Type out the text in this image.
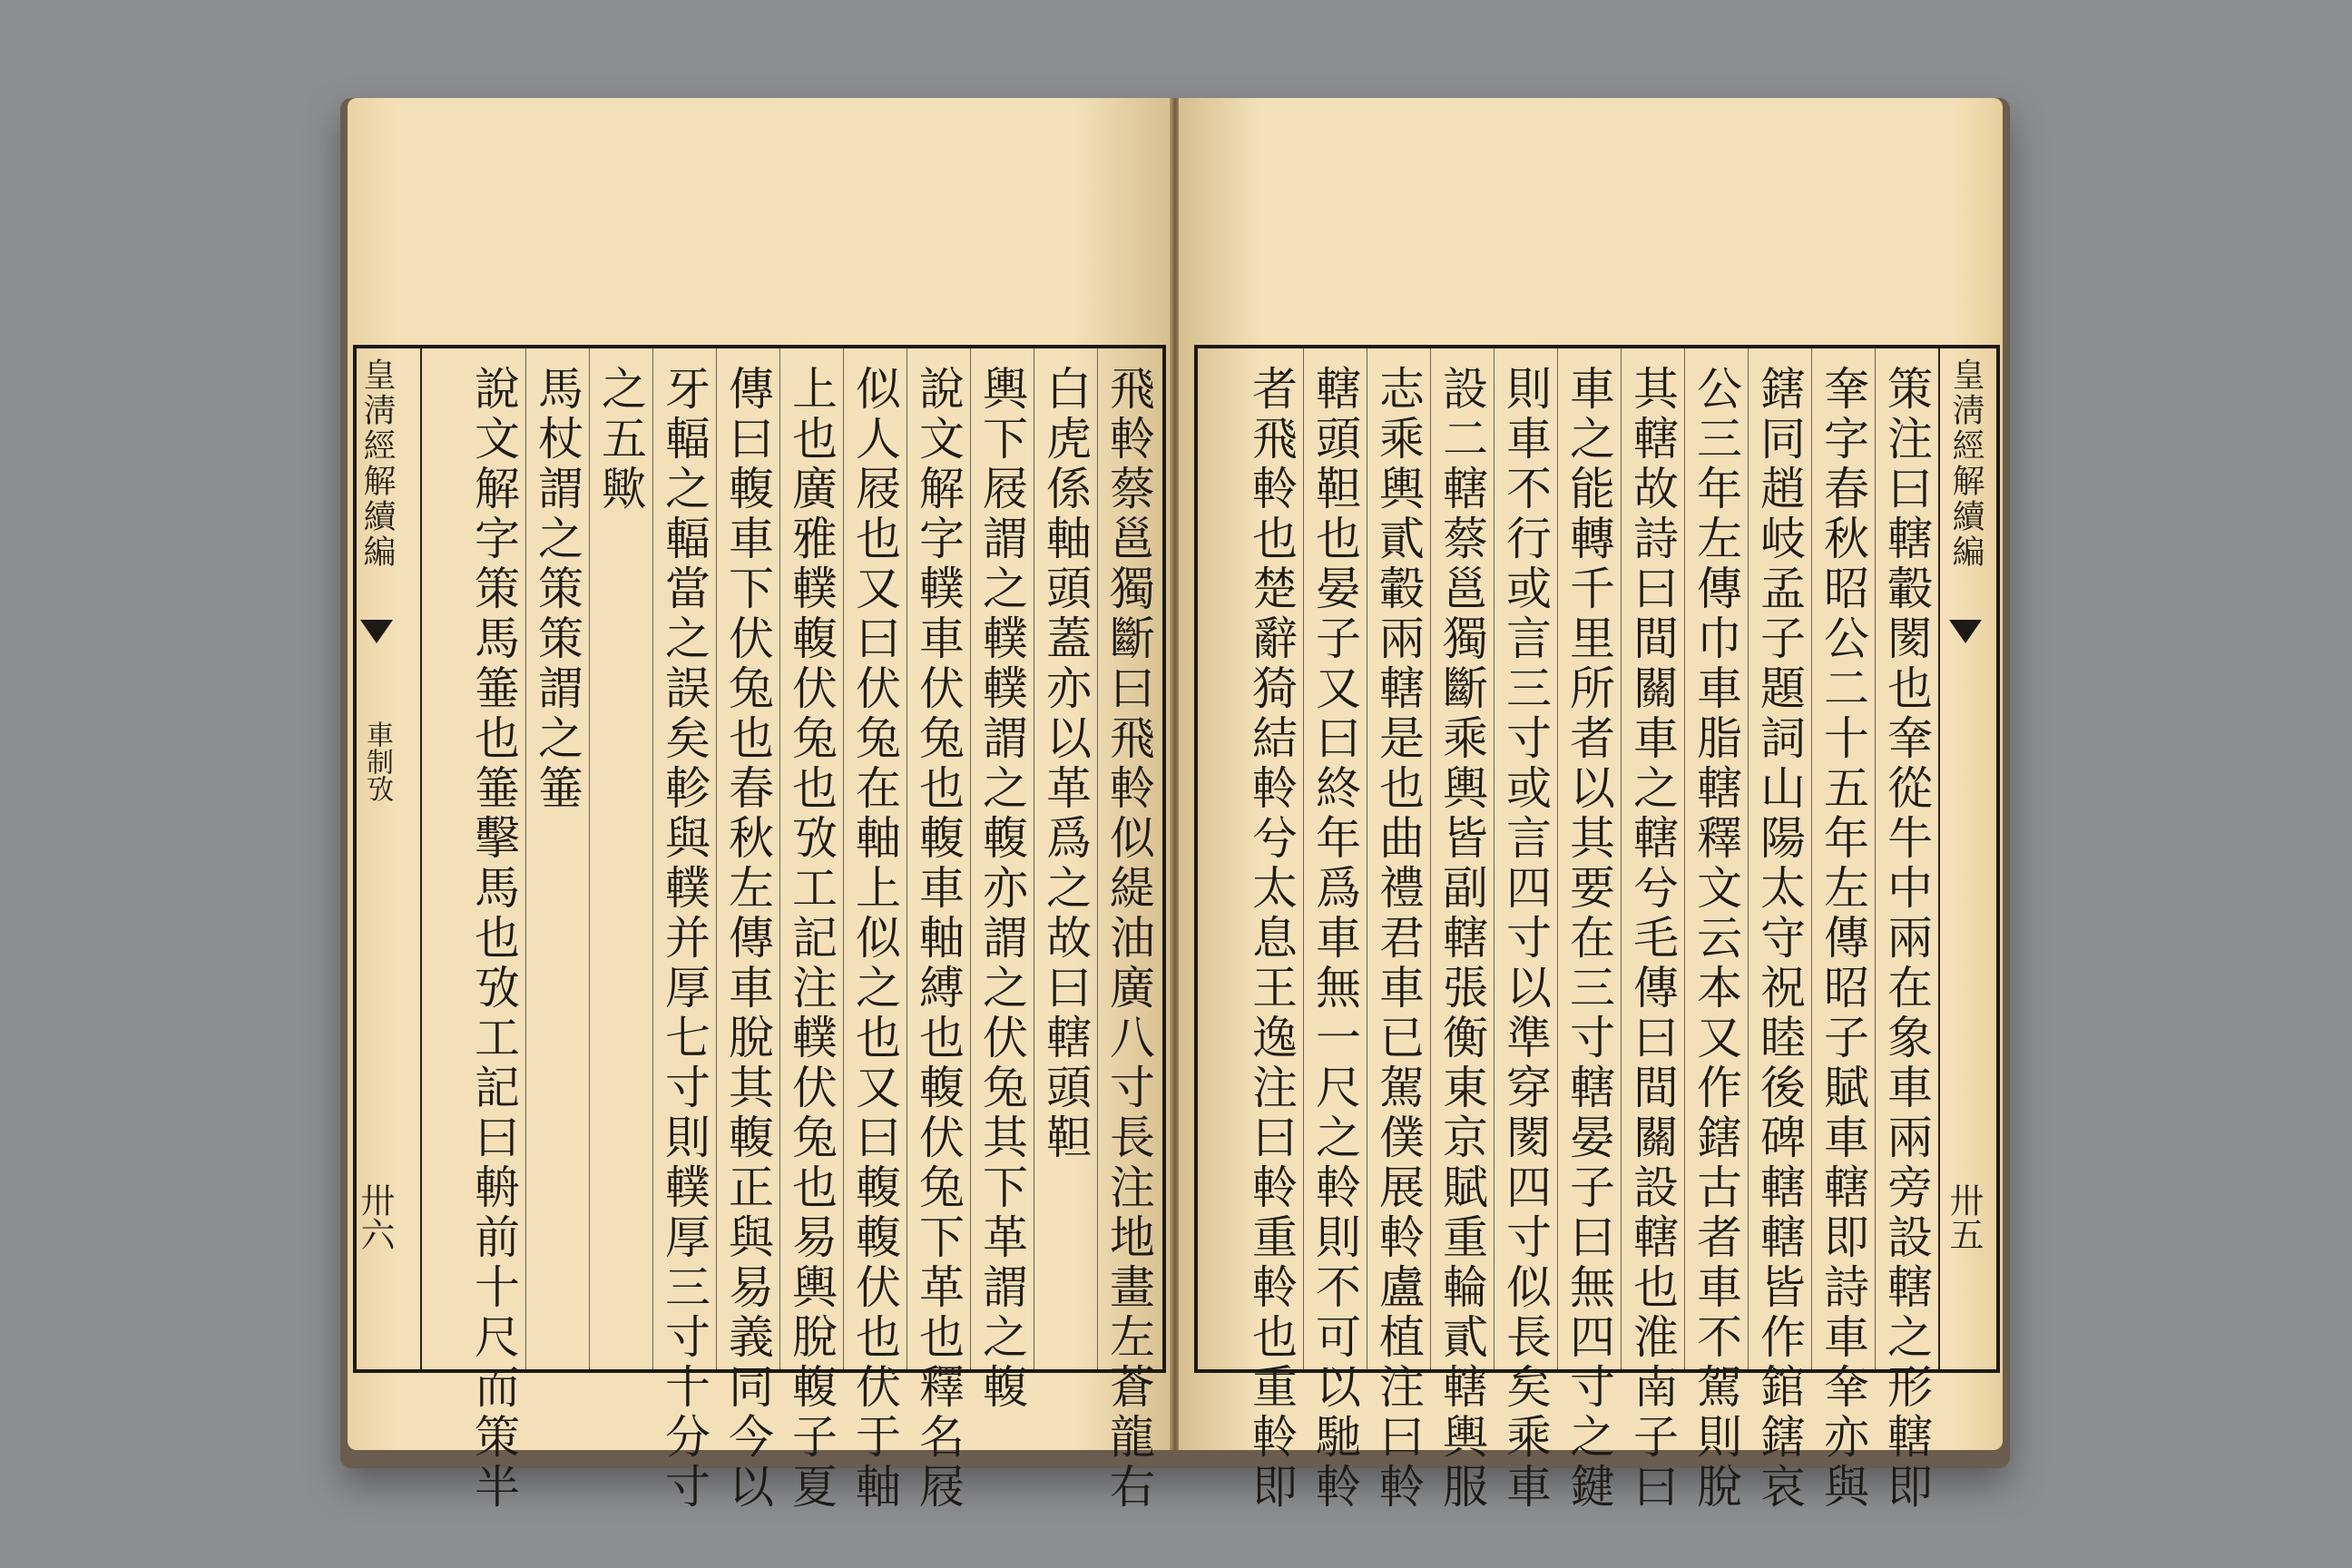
飛軨蔡邕獨斷曰飛軨似緹油廣八寸長注地畫左蒼龍右
白虎係軸頭蓋亦以革爲之故曰轄頭靼
輿下屐謂之轐轐謂之輹亦謂之伏兔其下革謂之輹
說文解字轐車伏兔也輹車軸縛也輹伏兔下革也釋名屐
似人屐也又曰伏兔在軸上似之也又曰輹輹伏也伏于軸
上也廣雅轐輹伏兔也攷工記注轐伏兔也易輿脫輹子夏
傳曰輹車下伏兔也春秋左傳車脫其輹正與易義同今以
牙輻之輻當之誤矣軫與轐并厚七寸則轐厚三寸十分寸
之五歟
馬杖謂之策策謂之箠
說文解字策馬箠也箠擊馬也攷工記曰輈前十尺而策半
皇淸經解續編  車制攷
卅六
皇淸經解續編
卅五
策注曰轄轂閡也羍從牛中兩在象車兩旁設轄之形轄即
羍字春秋昭公二十五年左傳昭子賦車轄即詩車羍亦與
鎋同趙岐孟子題詞山陽太守祝睦後碑轄轄皆作錧鎋哀
公三年左傳巾車脂轄釋文云本又作鎋古者車不駕則脫
其轄故詩曰間關車之轄兮毛傳曰間關設轄也淮南子曰
車之能轉千里所者以其要在三寸轄晏子曰無四寸之鍵
則車不行或言三寸或言四寸以準穿閡四寸似長矣乘車
設二轄蔡邕獨斷乘輿皆副轄張衡東京賦重輪貳轄輿服
志乘輿貳轂兩轄是也曲禮君車已駕僕展軨盧植注曰軨
轄頭靼也晏子又曰終年爲車無一尺之軨則不可以馳軨
者飛軨也楚辭猗結軨兮太息王逸注曰軨重軨也重軨即
